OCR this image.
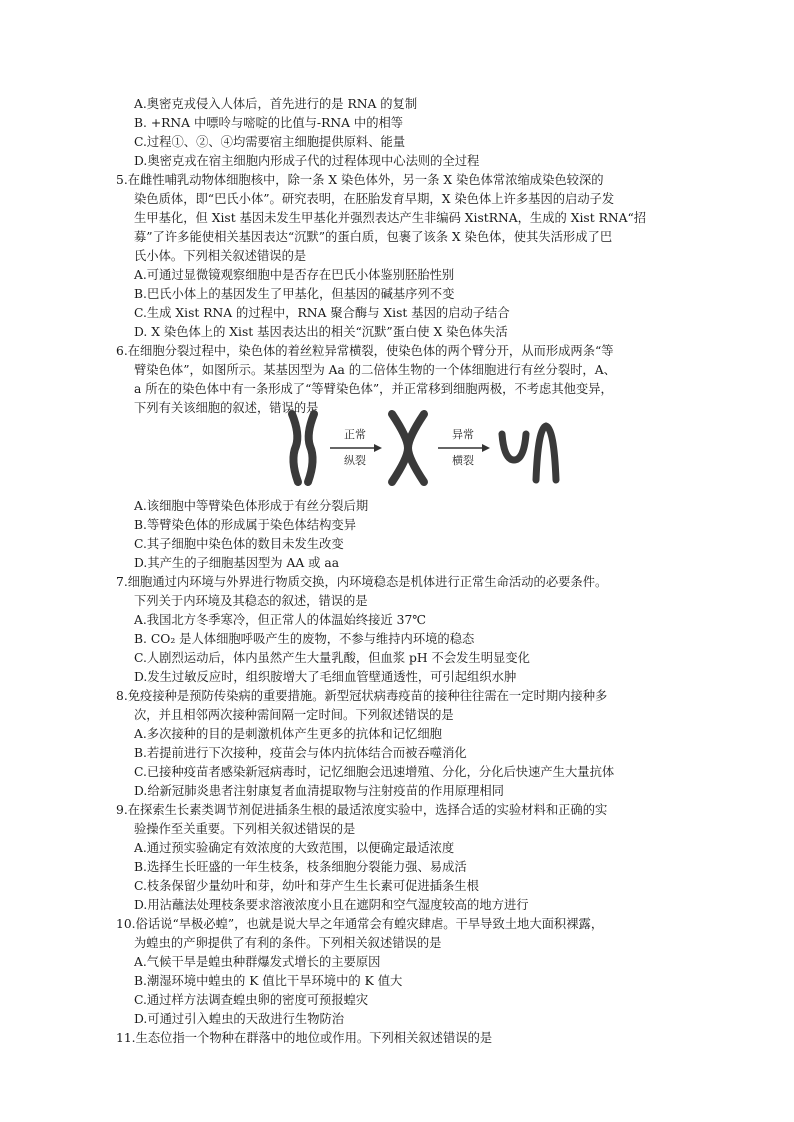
A.奥密克戎侵入人体后，首先进行的是 RNA 的复制
B. +RNA 中嘌呤与嘧啶的比值与-RNA 中的相等
C.过程①、②、④均需要宿主细胞提供原料、能量
D.奥密克戎在宿主细胞内形成子代的过程体现中心法则的全过程
5.在雌性哺乳动物体细胞核中，除一条 X 染色体外，另一条 X 染色体常浓缩成染色较深的
染色质体，即“巴氏小体”。研究表明，在胚胎发育早期，X 染色体上许多基因的启动子发
生甲基化，但 Xist 基因未发生甲基化并强烈表达产生非编码 XistRNA，生成的 Xist RNA“招
募”了许多能使相关基因表达“沉默”的蛋白质，包裹了该条 X 染色体，使其失活形成了巴
氏小体。下列相关叙述错误的是
A.可通过显微镜观察细胞中是否存在巴氏小体鉴别胚胎性别
B.巴氏小体上的基因发生了甲基化，但基因的碱基序列不变
C.生成 Xist RNA 的过程中，RNA 聚合酶与 Xist 基因的启动子结合
D. X 染色体上的 Xist 基因表达出的相关“沉默”蛋白使 X 染色体失活
6.在细胞分裂过程中，染色体的着丝粒异常横裂，使染色体的两个臂分开，从而形成两条“等
臂染色体”，如图所示。某基因型为 Aa 的二倍体生物的一个体细胞进行有丝分裂时，A、
a 所在的染色体中有一条形成了“等臂染色体”，并正常移到细胞两极，不考虑其他变异，
下列有关该细胞的叙述，错误的是
正常
纵裂
异常
横裂
A.该细胞中等臂染色体形成于有丝分裂后期
B.等臂染色体的形成属于染色体结构变异
C.其子细胞中染色体的数目未发生改变
D.其产生的子细胞基因型为 AA 或 aa
7.细胞通过内环境与外界进行物质交换，内环境稳态是机体进行正常生命活动的必要条件。
下列关于内环境及其稳态的叙述，错误的是
A.我国北方冬季寒冷，但正常人的体温始终接近 37℃
B. CO₂ 是人体细胞呼吸产生的废物，不参与维持内环境的稳态
C.人剧烈运动后，体内虽然产生大量乳酸，但血浆 pH 不会发生明显变化
D.发生过敏反应时，组织胺增大了毛细血管壁通透性，可引起组织水肿
8.免疫接种是预防传染病的重要措施。新型冠状病毒疫苗的接种往往需在一定时期内接种多
次，并且相邻两次接种需间隔一定时间。下列叙述错误的是
A.多次接种的目的是刺激机体产生更多的抗体和记忆细胞
B.若提前进行下次接种，疫苗会与体内抗体结合而被吞噬消化
C.已接种疫苗者感染新冠病毒时，记忆细胞会迅速增殖、分化，分化后快速产生大量抗体
D.给新冠肺炎患者注射康复者血清提取物与注射疫苗的作用原理相同
9.在探索生长素类调节剂促进插条生根的最适浓度实验中，选择合适的实验材料和正确的实
验操作至关重要。下列相关叙述错误的是
A.通过预实验确定有效浓度的大致范围，以便确定最适浓度
B.选择生长旺盛的一年生枝条，枝条细胞分裂能力强、易成活
C.枝条保留少量幼叶和芽，幼叶和芽产生生长素可促进插条生根
D.用沾蘸法处理枝条要求溶液浓度小且在遮阴和空气湿度较高的地方进行
10.俗话说“旱极必蝗”，也就是说大旱之年通常会有蝗灾肆虐。干旱导致土地大面积裸露，
为蝗虫的产卵提供了有利的条件。下列相关叙述错误的是
A.气候干旱是蝗虫种群爆发式增长的主要原因
B.潮湿环境中蝗虫的 K 值比干旱环境中的 K 值大
C.通过样方法调查蝗虫卵的密度可预报蝗灾
D.可通过引入蝗虫的天敌进行生物防治
11.生态位指一个物种在群落中的地位或作用。下列相关叙述错误的是
